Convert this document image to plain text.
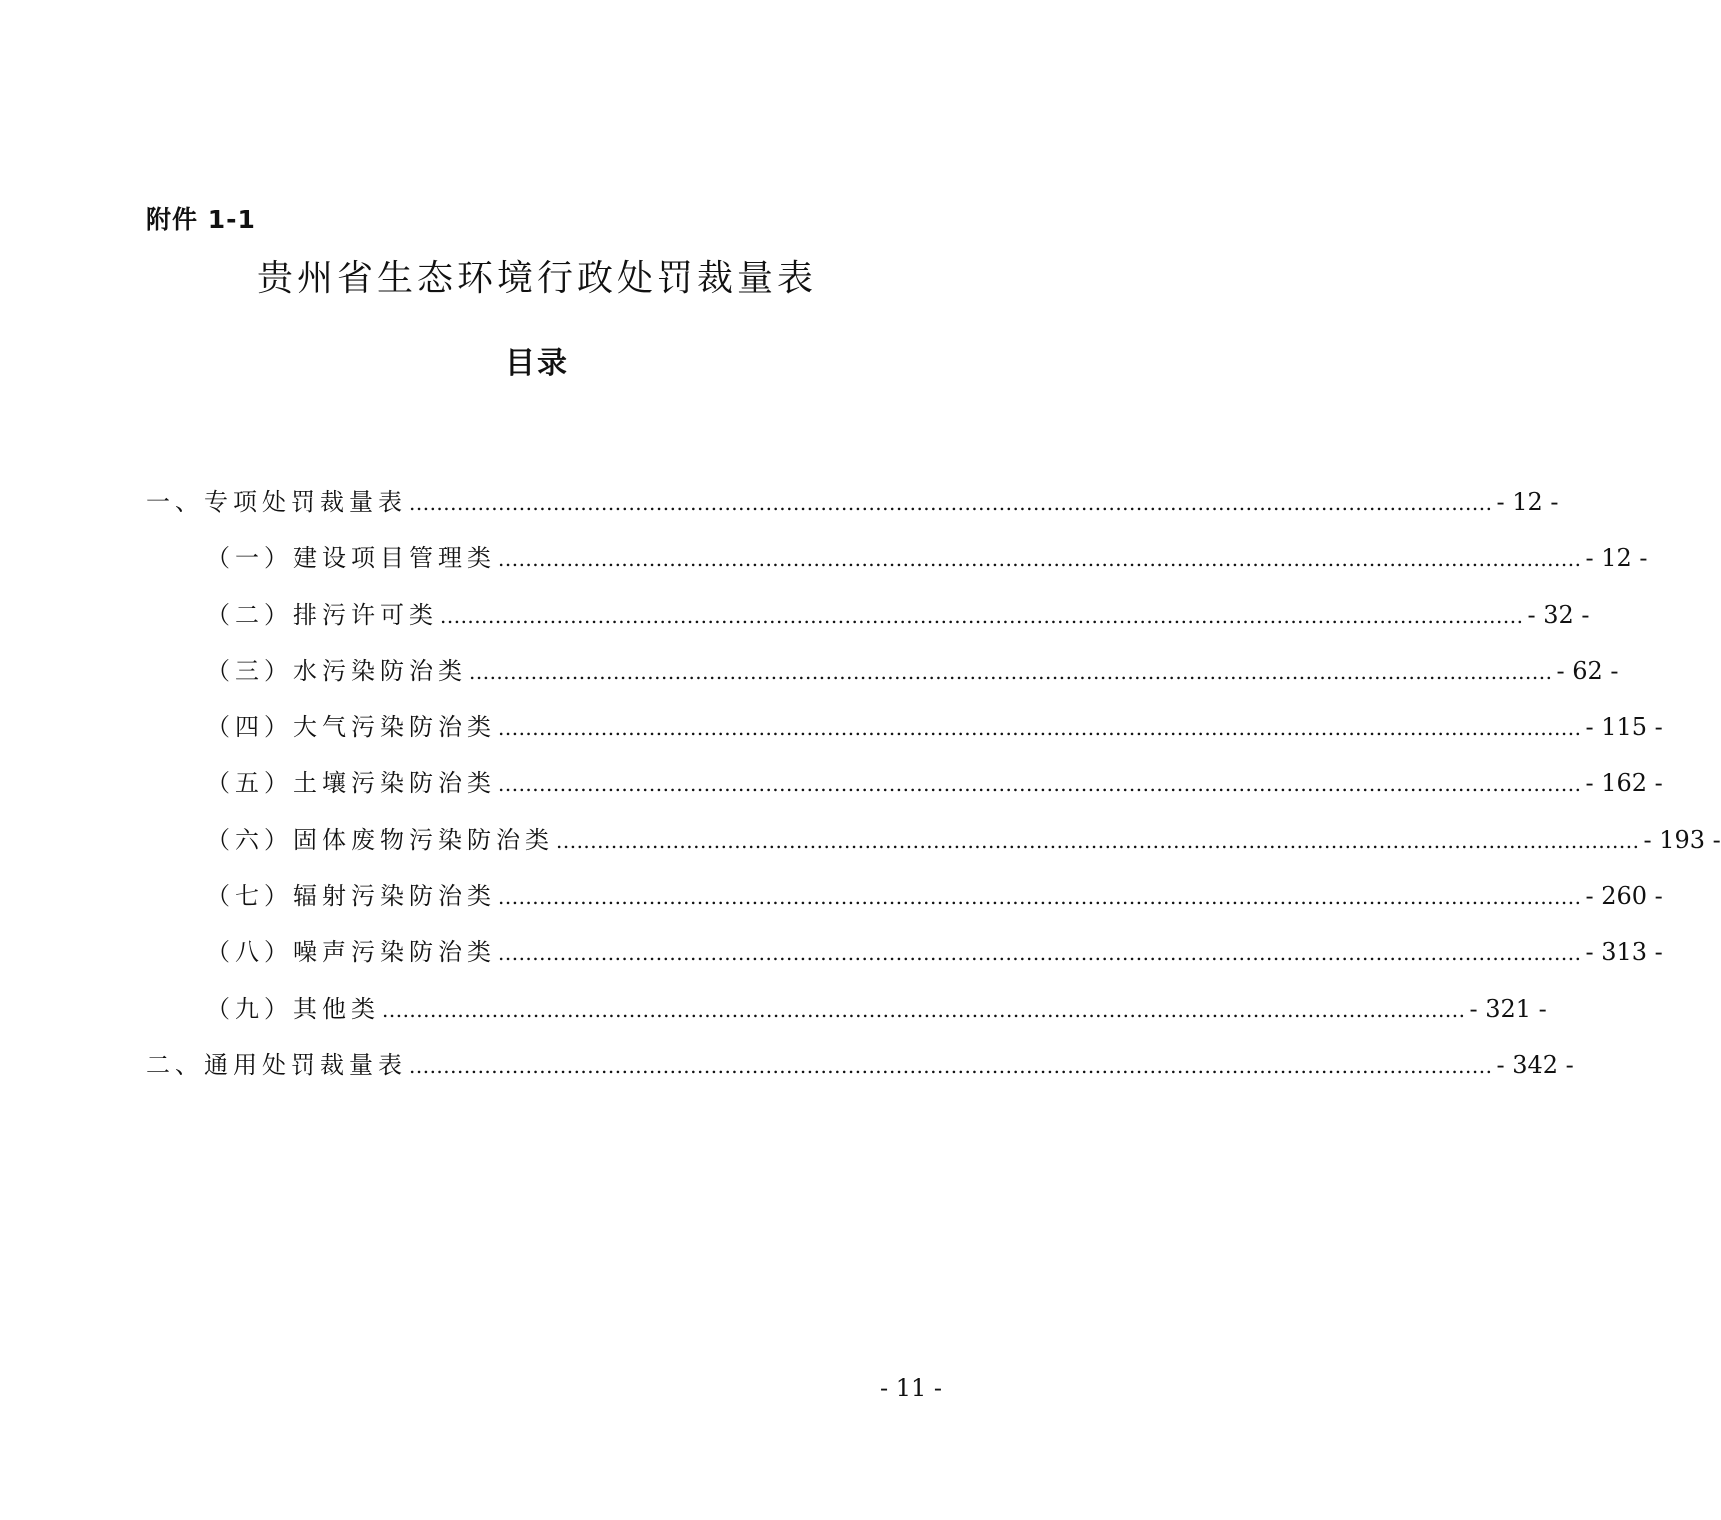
附件 1-1
贵州省生态环境行政处罚裁量表
目录
一、专项处罚裁量表 .............................................................................................................................................................. - 12 -
（一）建设项目管理类 .............................................................................................................................................................. - 12 -
（二）排污许可类 .............................................................................................................................................................. - 32 -
（三）水污染防治类 .............................................................................................................................................................. - 62 -
（四）大气污染防治类 .............................................................................................................................................................. - 115 -
（五）土壤污染防治类 .............................................................................................................................................................. - 162 -
（六）固体废物污染防治类 .............................................................................................................................................................. - 193 -
（七）辐射污染防治类 .............................................................................................................................................................. - 260 -
（八）噪声污染防治类 .............................................................................................................................................................. - 313 -
（九）其他类 .............................................................................................................................................................. - 321 -
二、通用处罚裁量表 .............................................................................................................................................................. - 342 -
- 11 -
